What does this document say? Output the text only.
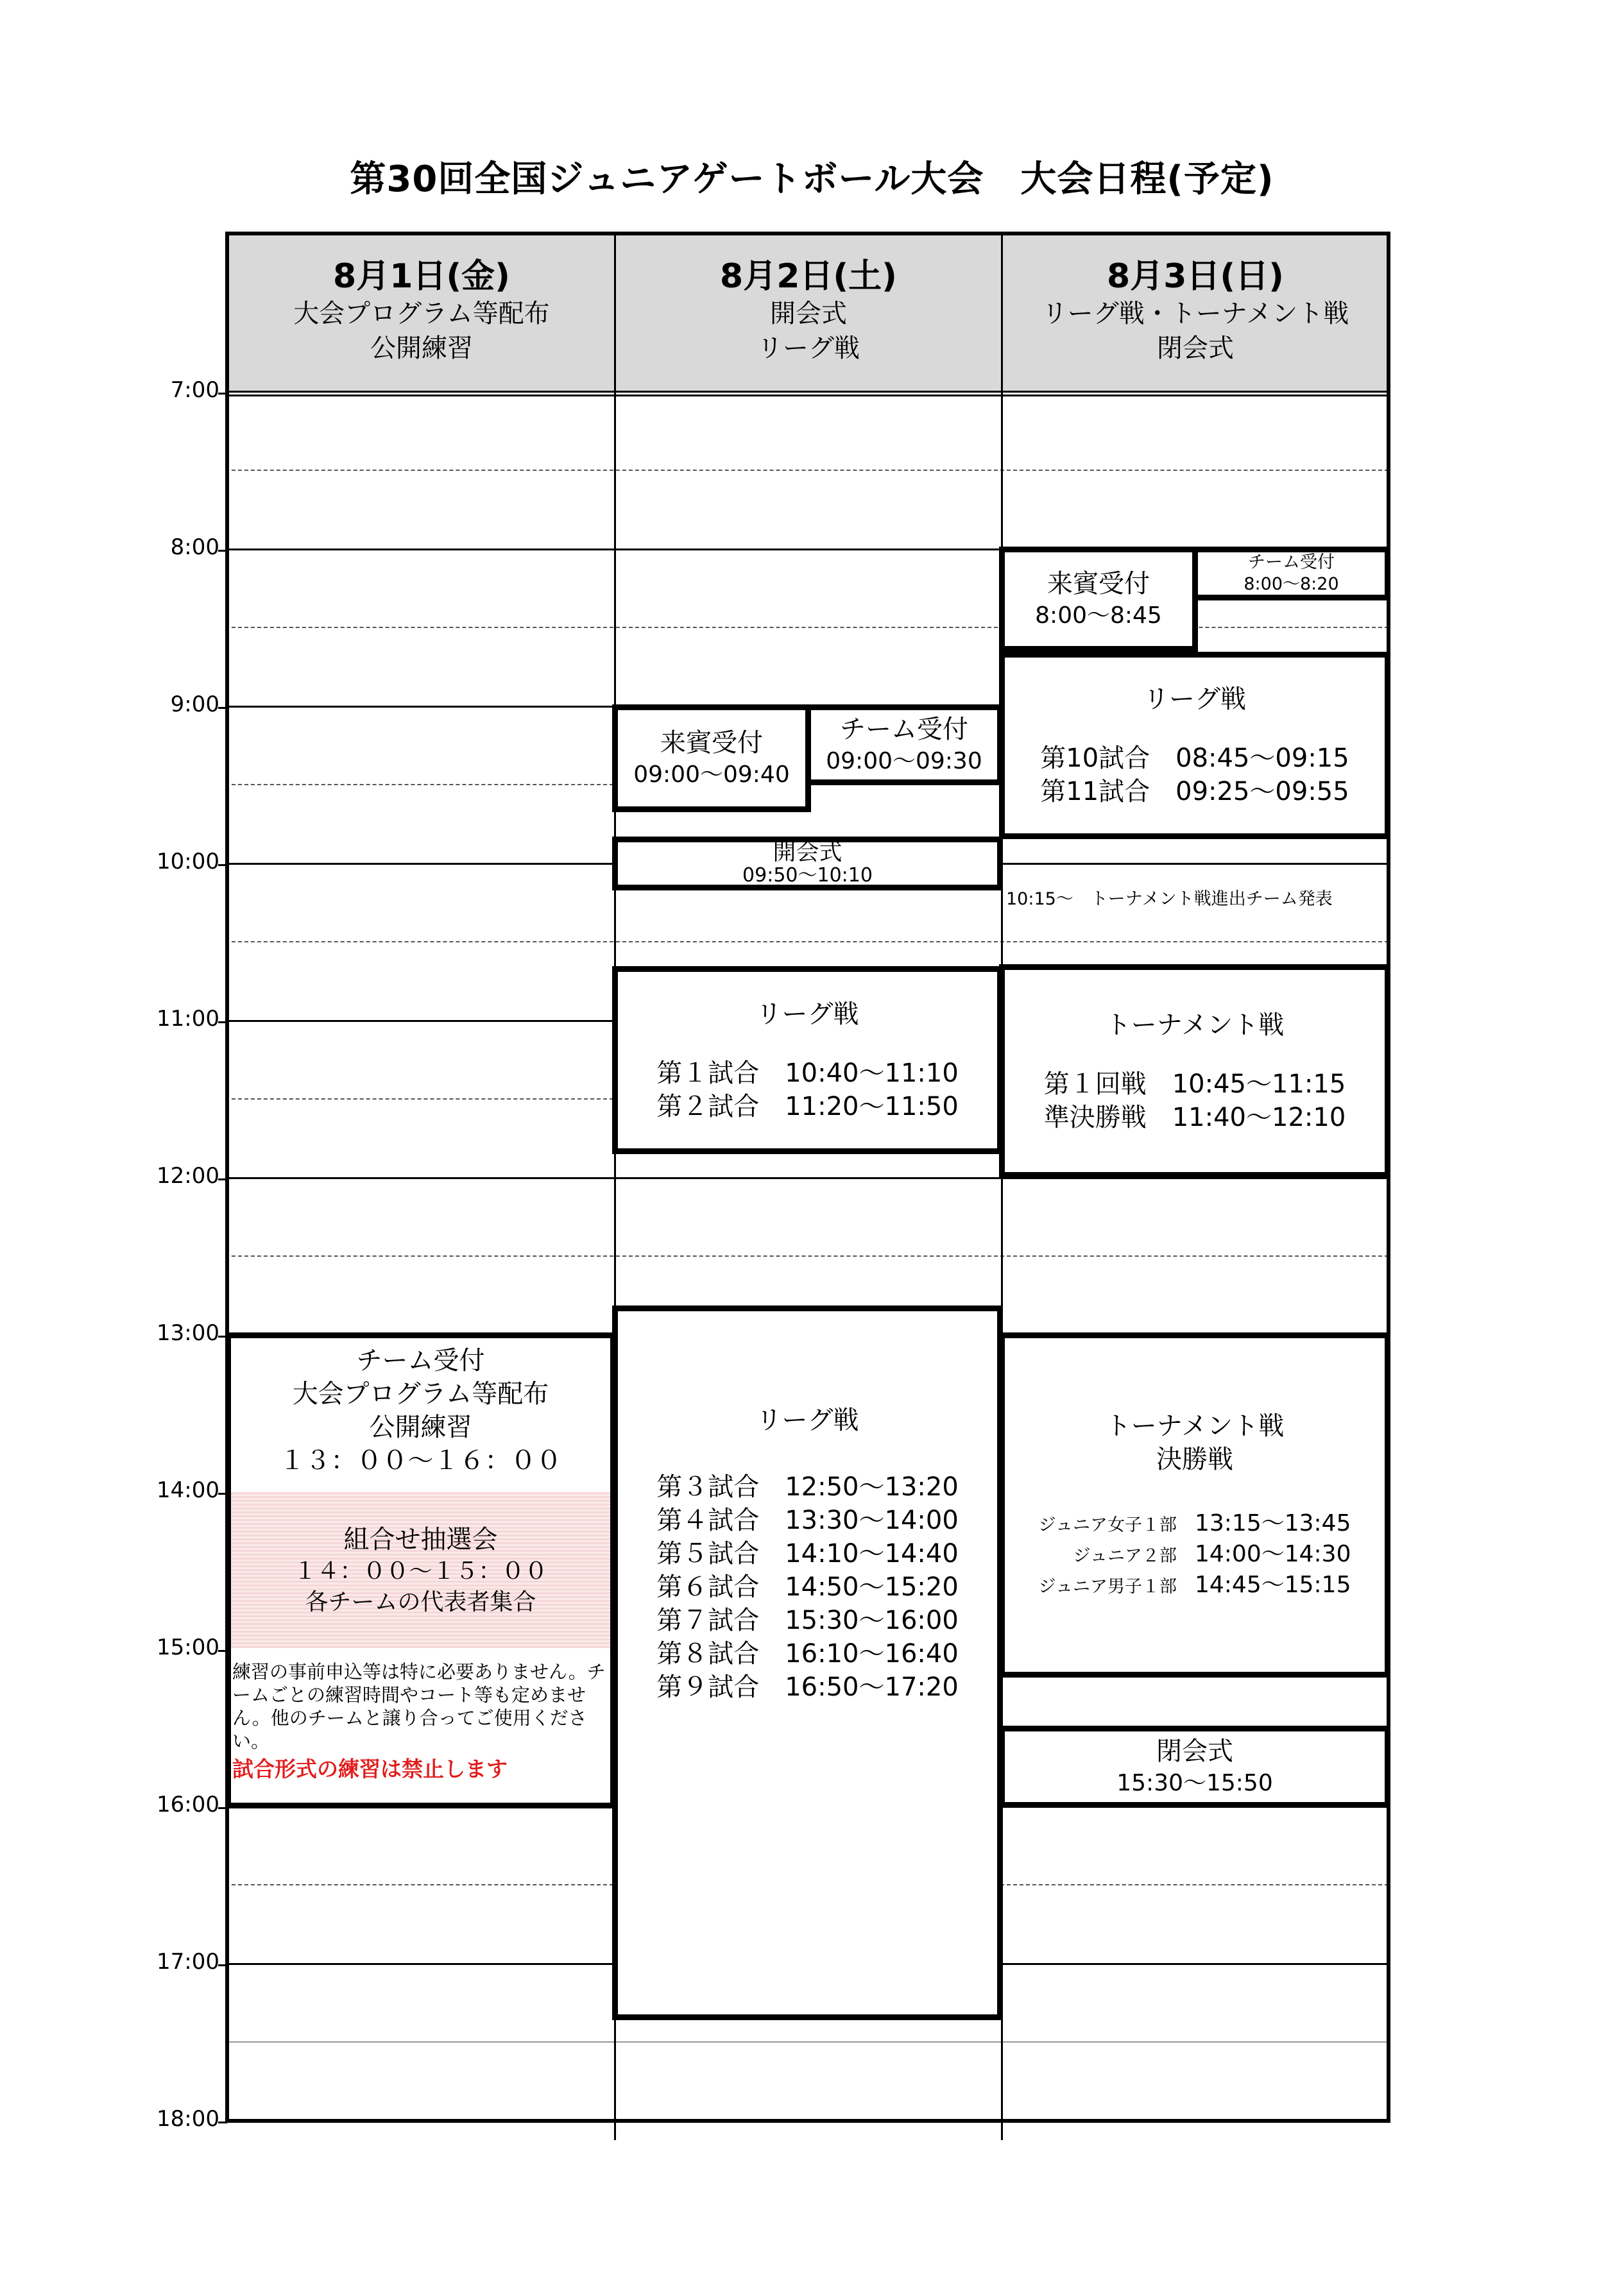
第30回全国ジュニアゲートボール大会　大会日程(予定)
8月1日(金)
大会プログラム等配布
公開練習
8月2日(土)
開会式
リーグ戦
8月3日(日)
リーグ戦・トーナメント戦
閉会式
7:00
8:00
9:00
10:00
11:00
12:00
13:00
14:00
15:00
16:00
17:00
18:00
チーム受付
大会プログラム等配布
公開練習
１３：００～１６：００
組合せ抽選会
１４：００～１５：００
各チームの代表者集合
練習の事前申込等は特に必要ありません。チームごとの練習時間やコート等も定めません。他のチームと譲り合ってご使用ください。
試合形式の練習は禁止します
来賓受付
09:00～09:40
チーム受付
09:00～09:30
開会式
09:50～10:10
リーグ戦
第１試合　10:40～11:10
第２試合　11:20～11:50
リーグ戦
第３試合　12:50～13:20
第４試合　13:30～14:00
第５試合　14:10～14:40
第６試合　14:50～15:20
第７試合　15:30～16:00
第８試合　16:10～16:40
第９試合　16:50～17:20
来賓受付
8:00～8:45
チーム受付
8:00～8:20
リーグ戦
第10試合　08:45～09:15
第11試合　09:25～09:55
10:15～　トーナメント戦進出チーム発表
トーナメント戦
第１回戦　10:45～11:15
準決勝戦　11:40～12:10
トーナメント戦
決勝戦
ジュニア女子１部 13:15～13:45
ジュニア２部 14:00～14:30
ジュニア男子１部 14:45～15:15
閉会式
15:30～15:50
